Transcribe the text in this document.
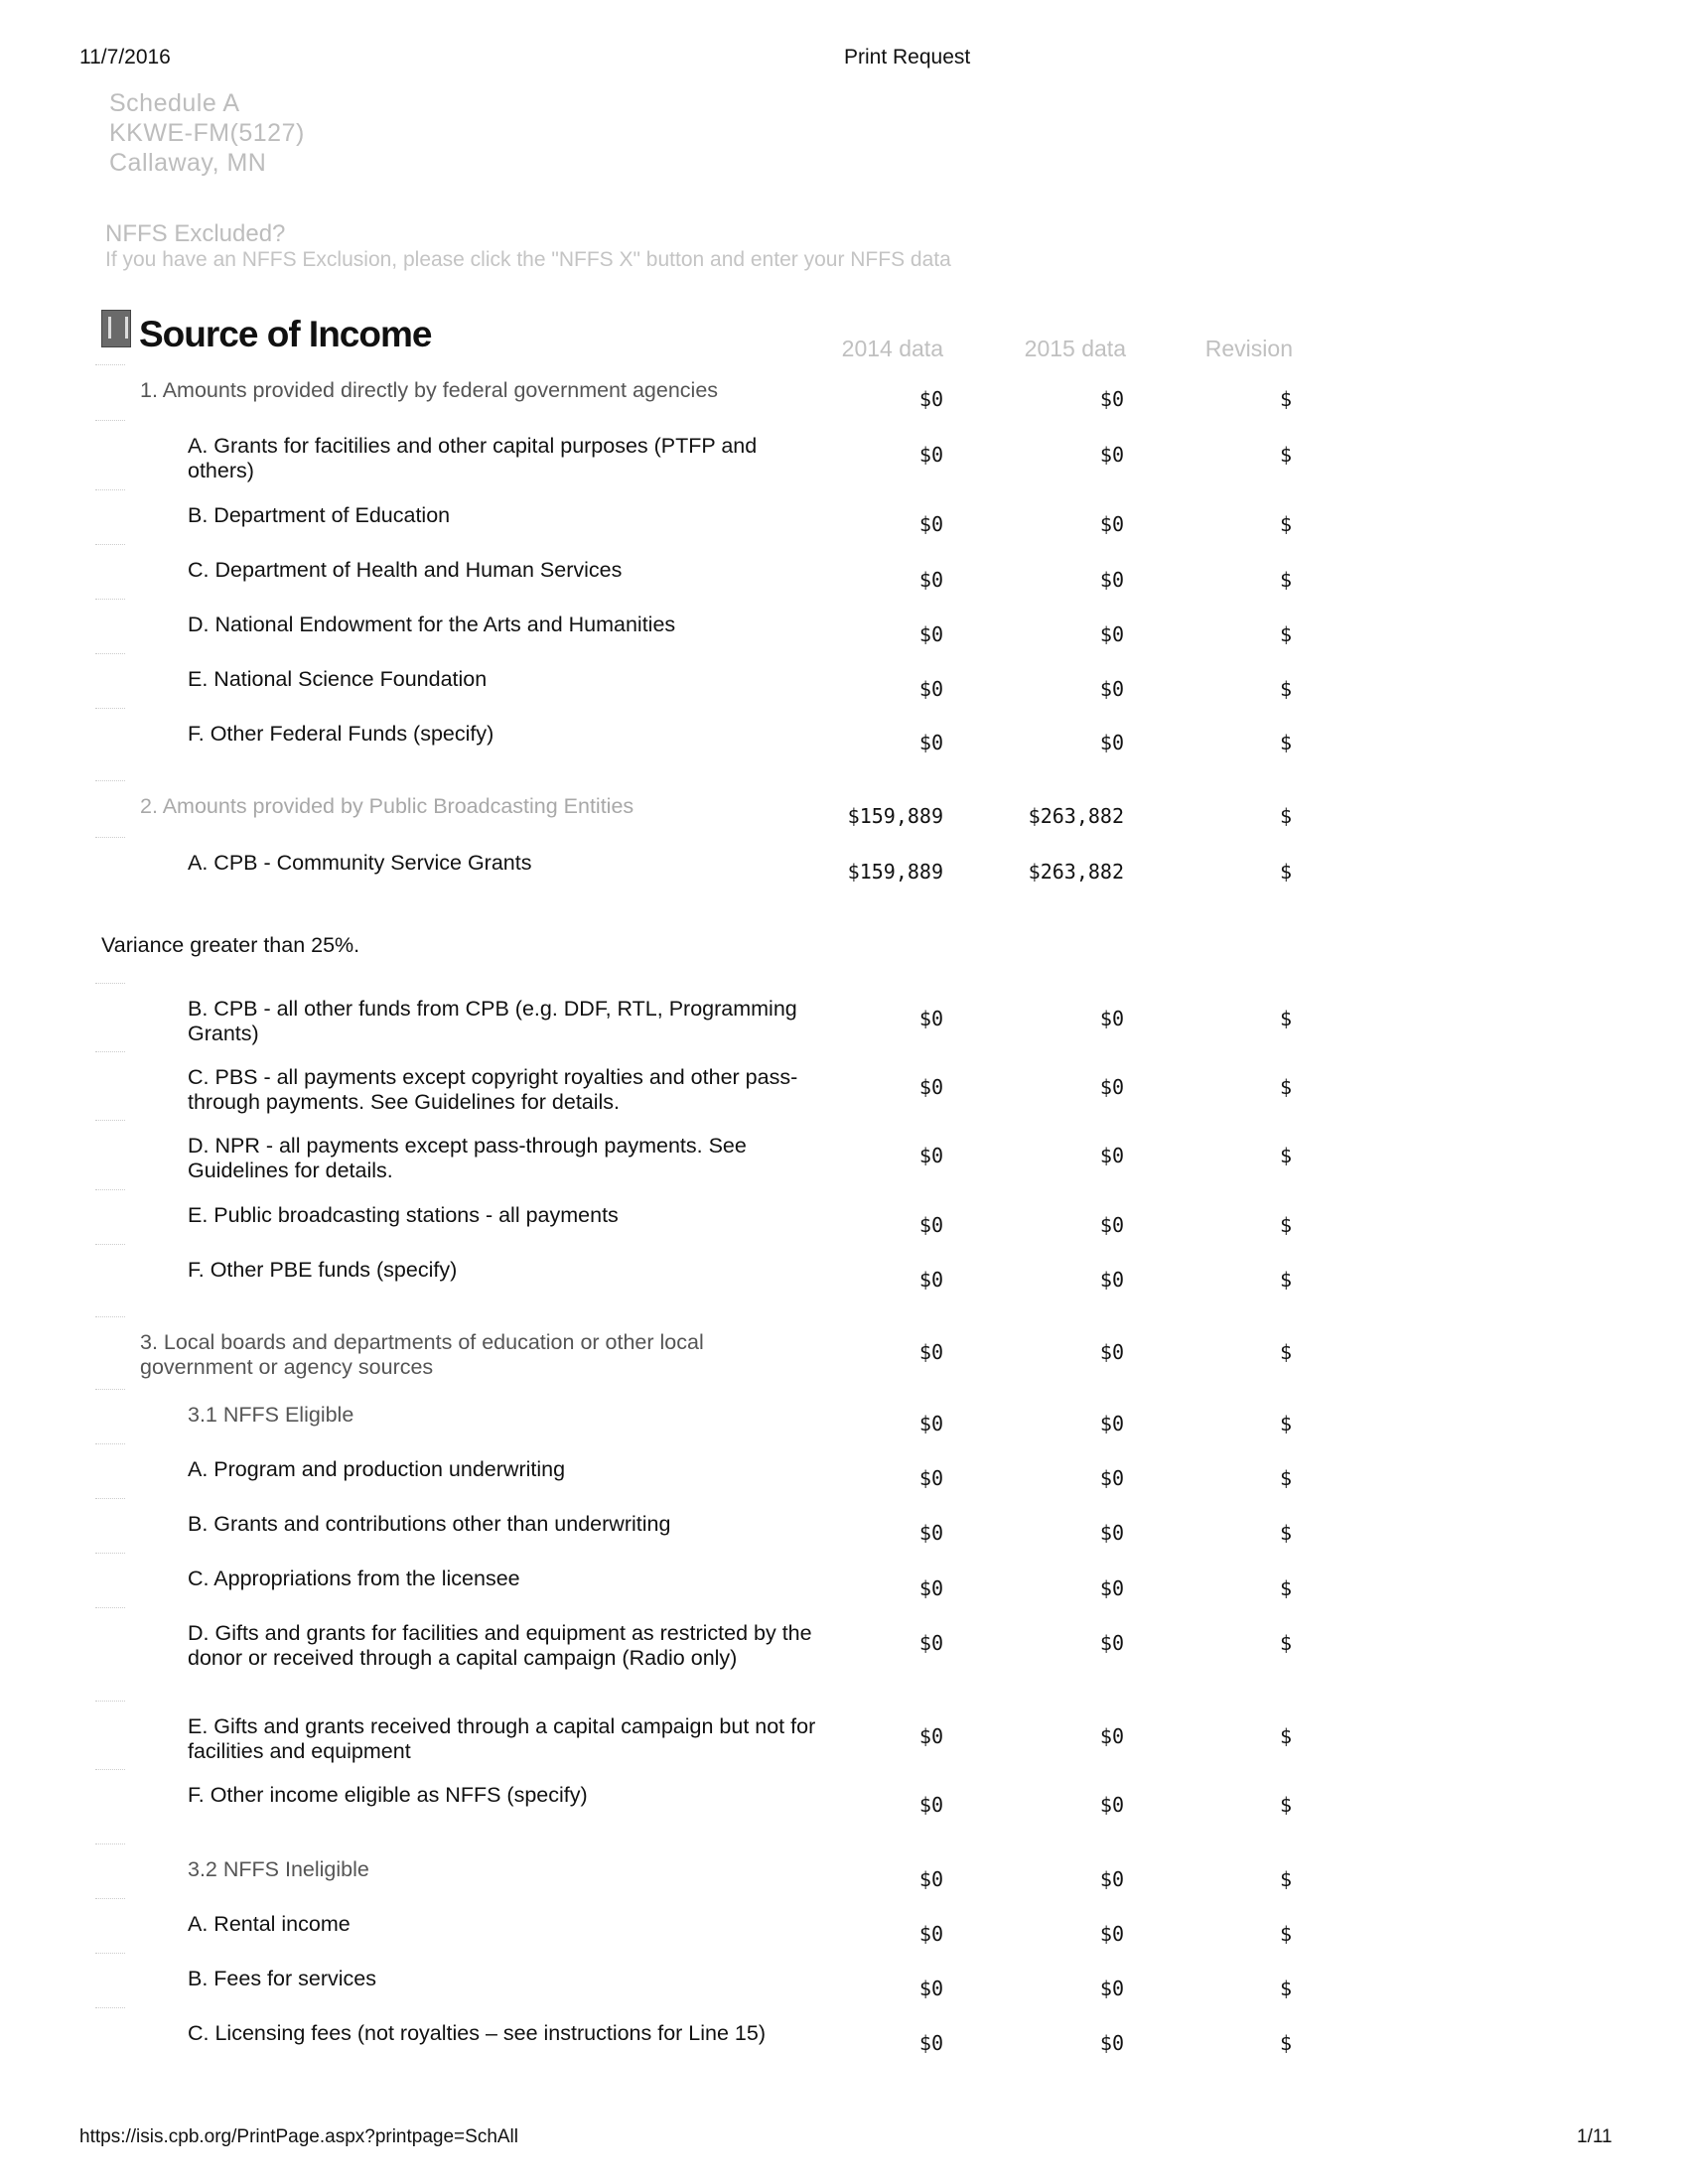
11/7/2016	Print Request
Schedule A
KKWE-FM(5127)
Callaway, MN
NFFS Excluded?
If you have an NFFS Exclusion, please click the "NFFS X" button and enter your NFFS data
Source of Income	2014 data	2015 data	Revision
1. Amounts provided directly by federal government agencies	$0	$0	$
A. Grants for facitilies and other capital purposes (PTFP and others)
$0	$0	$
B. Department of Education	$0	$0	$
C. Department of Health and Human Services	$0	$0	$
D. National Endowment for the Arts and Humanities	$0	$0	$
E. National Science Foundation	$0	$0	$
F. Other Federal Funds (specify)	$0	$0	$
2. Amounts provided by Public Broadcasting Entities	$159,889	$263,882	$
A. CPB - Community Service Grants	$159,889	$263,882	$
B. CPB - all other funds from CPB (e.g. DDF, RTL, Programming Grants)
$0	$0	$
C. PBS - all payments except copyright royalties and other pass-through payments. See Guidelines for details.
$0	$0	$
D. NPR - all payments except pass-through payments. See Guidelines for details.
$0	$0	$
E. Public broadcasting stations - all payments	$0	$0	$
F. Other PBE funds (specify)	$0	$0	$
3. Local boards and departments of education or other local government or agency sources
$0	$0	$
3.1 NFFS Eligible	$0	$0	$
A. Program and production underwriting	$0	$0	$
B. Grants and contributions other than underwriting	$0	$0	$
C. Appropriations from the licensee	$0	$0	$
D. Gifts and grants for facilities and equipment as restricted by the donor or received through a capital campaign (Radio only)
$0	$0	$
E. Gifts and grants received through a capital campaign but not for facilities and equipment
$0	$0	$
F. Other income eligible as NFFS (specify)	$0	$0	$
3.2 NFFS Ineligible	$0	$0	$
A. Rental income	$0	$0	$
B. Fees for services	$0	$0	$
C. Licensing fees (not royalties – see instructions for Line 15)	$0	$0	$
Variance greater than 25%.
https://isis.cpb.org/PrintPage.aspx?printpage=SchAll	1/11
